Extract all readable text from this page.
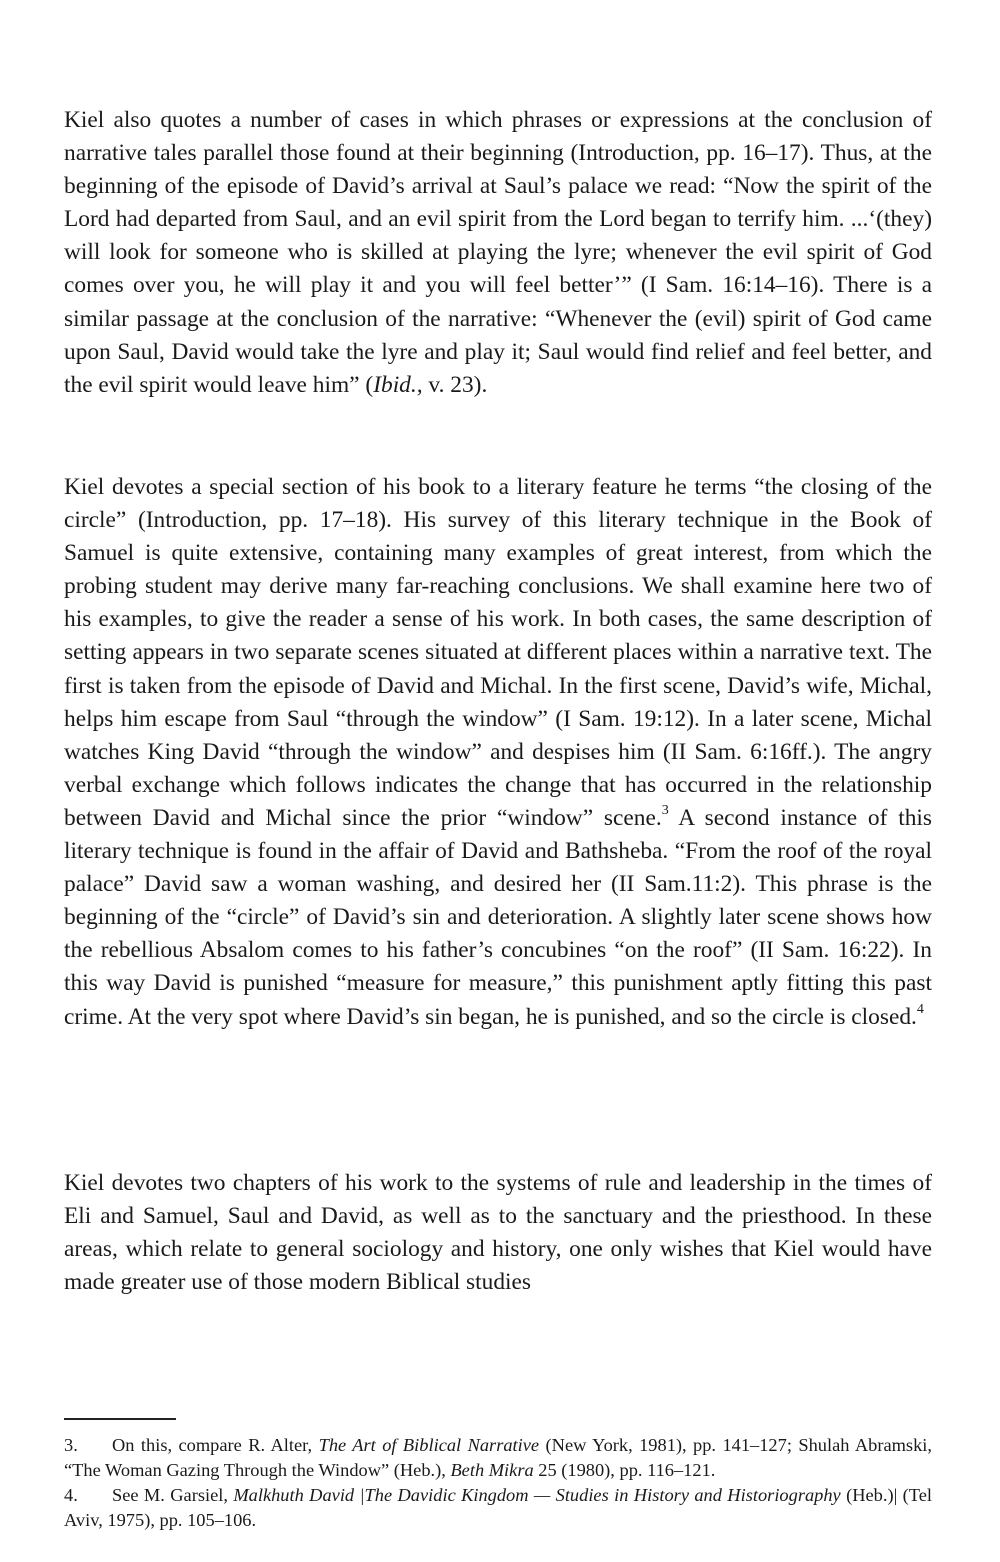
Kiel also quotes a number of cases in which phrases or expressions at the conclusion of narrative tales parallel those found at their beginning (Introduction, pp. 16–17). Thus, at the beginning of the episode of David’s arrival at Saul’s palace we read: “Now the spirit of the Lord had departed from Saul, and an evil spirit from the Lord began to terrify him. ...‘(they) will look for someone who is skilled at playing the lyre; whenever the evil spirit of God comes over you, he will play it and you will feel better’” (I Sam. 16:14–16). There is a similar passage at the conclusion of the narrative: “Whenever the (evil) spirit of God came upon Saul, David would take the lyre and play it; Saul would find relief and feel better, and the evil spirit would leave him” (Ibid., v. 23).

Kiel devotes a special section of his book to a literary feature he terms “the closing of the circle” (Introduction, pp. 17–18). His survey of this literary technique in the Book of Samuel is quite extensive, containing many examples of great interest, from which the probing student may derive many far-reaching conclusions. We shall examine here two of his examples, to give the reader a sense of his work. In both cases, the same description of setting appears in two separate scenes situated at different places within a narrative text. The first is taken from the episode of David and Michal. In the first scene, David’s wife, Michal, helps him escape from Saul “through the window” (I Sam. 19:12). In a later scene, Michal watches King David “through the window” and despises him (II Sam. 6:16ff.). The angry verbal exchange which follows indicates the change that has occurred in the relationship between David and Michal since the prior “window” scene.$^3$ A second instance of this literary technique is found in the affair of David and Bathsheba. “From the roof of the royal palace” David saw a woman washing, and desired her (II Sam.11:2). This phrase is the beginning of the “circle” of David’s sin and deterioration. A slightly later scene shows how the rebellious Absalom comes to his father’s concubines “on the roof” (II Sam. 16:22). In this way David is punished “measure for measure,” this punishment aptly fitting this past crime. At the very spot where David’s sin began, he is punished, and so the circle is closed.$^4$

Kiel devotes two chapters of his work to the systems of rule and leadership in the times of Eli and Samuel, Saul and David, as well as to the sanctuary and the priesthood. In these areas, which relate to general sociology and history, one only wishes that Kiel would have made greater use of those modern Biblical studies

3. On this, compare R. Alter, The Art of Biblical Narrative (New York, 1981), pp. 141–127; Shulah Abramski, “The Woman Gazing Through the Window” (Heb.), Beth Mikra 25 (1980), pp. 116–121.

4. See M. Garsiel, Malkhuth David |The Davidic Kingdom — Studies in History and Historiography (Heb.)| (Tel Aviv, 1975), pp. 105–106.
